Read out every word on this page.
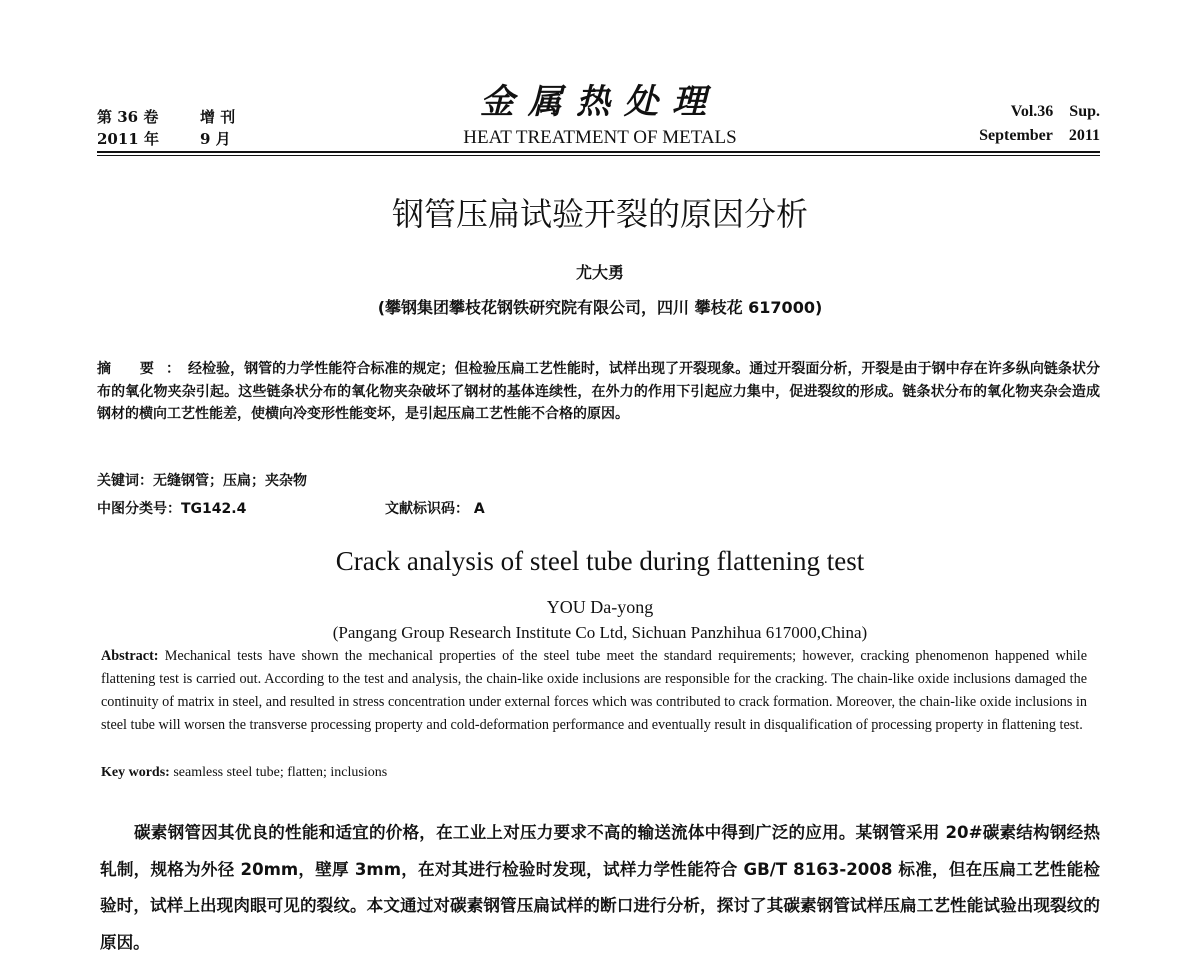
第 36 卷	增 刊
2011 年	9 月
金属热处理
HEAT TREATMENT OF METALS
Vol.36 Sup.
September 2011
钢管压扁试验开裂的原因分析
尤大勇
(攀钢集团攀枝花钢铁研究院有限公司，四川 攀枝花 617000)
摘 要：经检验，钢管的力学性能符合标准的规定；但检验压扁工艺性能时，试样出现了开裂现象。通过开裂面分析，开裂是由于钢中存在许多纵向链条状分布的氧化物夹杂引起。这些链条状分布的氧化物夹杂破坏了钢材的基体连续性，在外力的作用下引起应力集中，促进裂纹的形成。链条状分布的氧化物夹杂会造成钢材的横向工艺性能差，使横向冷变形性能变坏，是引起压扁工艺性能不合格的原因。
关键词：无缝钢管；压扁；夹杂物
中图分类号：TG142.4	文献标识码： A
Crack analysis of steel tube during flattening test
YOU Da-yong
(Pangang Group Research Institute Co Ltd, Sichuan Panzhihua 617000,China)
Abstract: Mechanical tests have shown the mechanical properties of the steel tube meet the standard requirements; however, cracking phenomenon happened while flattening test is carried out. According to the test and analysis, the chain-like oxide inclusions are responsible for the cracking. The chain-like oxide inclusions damaged the continuity of matrix in steel, and resulted in stress concentration under external forces which was contributed to crack formation. Moreover, the chain-like oxide inclusions in steel tube will worsen the transverse processing property and cold-deformation performance and eventually result in disqualification of processing property in flattening test.
Key words: seamless steel tube; flatten; inclusions
碳素钢管因其优良的性能和适宜的价格，在工业上对压力要求不高的输送流体中得到广泛的应用。某钢管采用 20#碳素结构钢经热轧制，规格为外径 20mm，壁厚 3mm，在对其进行检验时发现，试样力学性能符合 GB/T 8163-2008 标准，但在压扁工艺性能检验时，试样上出现肉眼可见的裂纹。本文通过对碳素钢管压扁试样的断口进行分析，探讨了其碳素钢管试样压扁工艺性能试验出现裂纹的原因。
